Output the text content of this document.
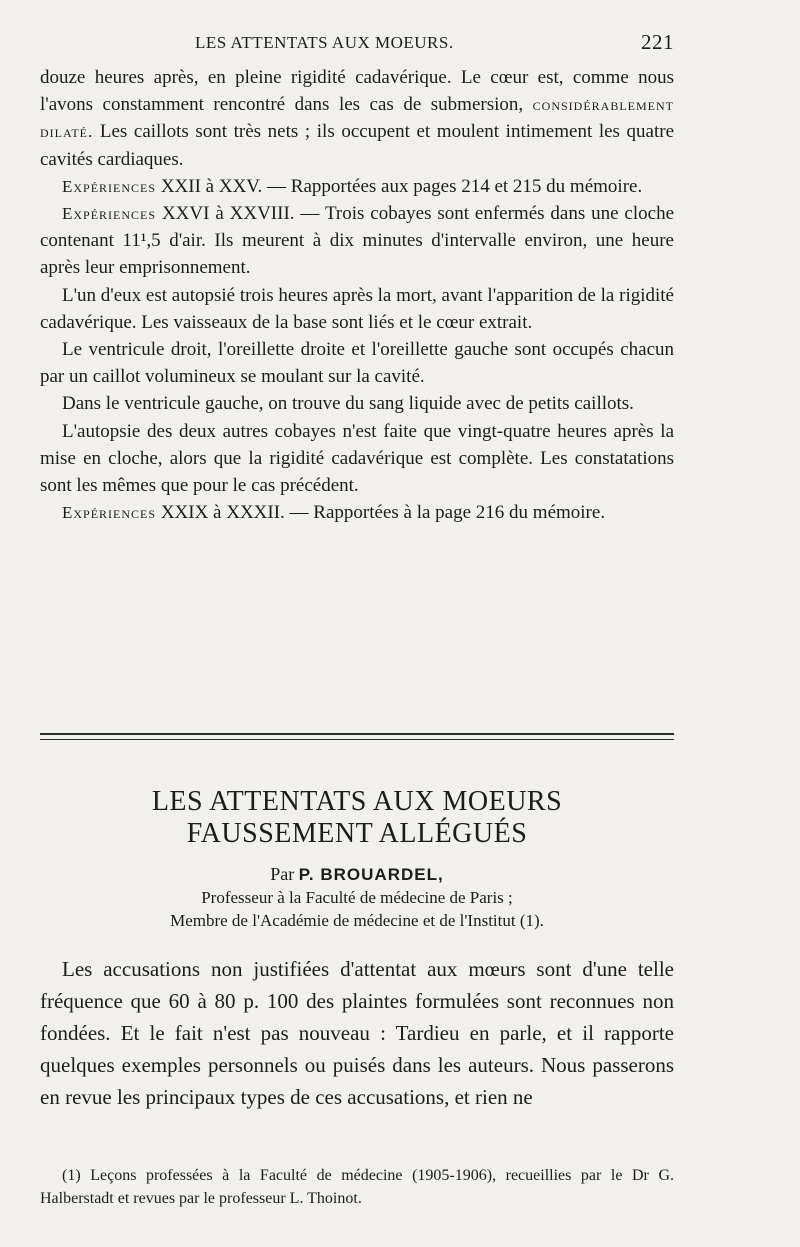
LES ATTENTATS AUX MOEURS.	221

douze heures après, en pleine rigidité cadavérique. Le cœur est, comme nous l'avons constamment rencontré dans les cas de submersion, considérablement dilaté. Les caillots sont très nets ; ils occupent et moulent intimement les quatre cavités cardiaques.

Expériences XXII à XXV. — Rapportées aux pages 214 et 215 du mémoire.

Expériences XXVI à XXVIII. — Trois cobayes sont enfermés dans une cloche contenant 11¹,5 d'air. Ils meurent à dix minutes d'intervalle environ, une heure après leur emprisonnement.

L'un d'eux est autopsié trois heures après la mort, avant l'apparition de la rigidité cadavérique. Les vaisseaux de la base sont liés et le cœur extrait.

Le ventricule droit, l'oreillette droite et l'oreillette gauche sont occupés chacun par un caillot volumineux se moulant sur la cavité.

Dans le ventricule gauche, on trouve du sang liquide avec de petits caillots.

L'autopsie des deux autres cobayes n'est faite que vingt-quatre heures après la mise en cloche, alors que la rigidité cadavérique est complète. Les constatations sont les mêmes que pour le cas précédent.

Expériences XXIX à XXXII. — Rapportées à la page 216 du mémoire.

LES ATTENTATS AUX MOEURS
FAUSSEMENT ALLÉGUÉS
Par P. BROUARDEL,
Professeur à la Faculté de médecine de Paris ;
Membre de l'Académie de médecine et de l'Institut (1).

Les accusations non justifiées d'attentat aux mœurs sont d'une telle fréquence que 60 à 80 p. 100 des plaintes formulées sont reconnues non fondées. Et le fait n'est pas nouveau : Tardieu en parle, et il rapporte quelques exemples personnels ou puisés dans les auteurs. Nous passerons en revue les principaux types de ces accusations, et rien ne

(1) Leçons professées à la Faculté de médecine (1905-1906), recueillies par le Dr G. Halberstadt et revues par le professeur L. Thoinot.
